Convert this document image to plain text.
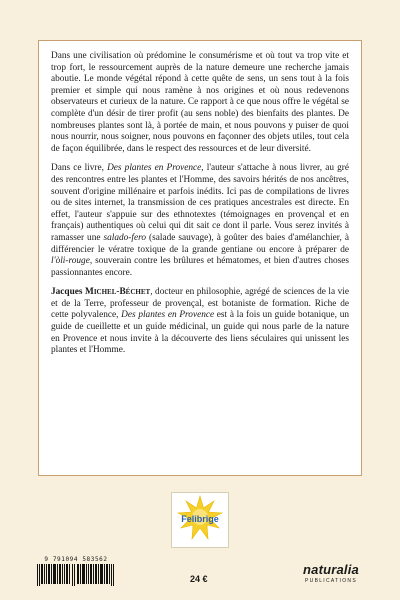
Dans une civilisation où prédomine le consumérisme et où tout va trop vite et trop fort, le ressourcement auprès de la nature demeure une recherche jamais aboutie. Le monde végétal répond à cette quête de sens, un sens tout à la fois premier et simple qui nous ramène à nos origines et où nous redevenons observateurs et curieux de la nature. Ce rapport à ce que nous offre le végétal se complète d'un désir de tirer profit (au sens noble) des bienfaits des plantes. De nombreuses plantes sont là, à portée de main, et nous pouvons y puiser de quoi nous nourrir, nous soigner, nous pouvons en façonner des objets utiles, tout cela de façon équilibrée, dans le respect des ressources et de leur diversité.

Dans ce livre, Des plantes en Provence, l'auteur s'attache à nous livrer, au gré des rencontres entre les plantes et l'Homme, des savoirs hérités de nos ancêtres, souvent d'origine millénaire et parfois inédits. Ici pas de compilations de livres ou de sites internet, la transmission de ces pratiques ancestrales est directe. En effet, l'auteur s'appuie sur des ethnotextes (témoignages en provençal et en français) authentiques où celui qui dit sait ce dont il parle. Vous serez invités à ramasser une salado-fero (salade sauvage), à goûter des baies d'amélanchier, à différencier le vératre toxique de la grande gentiane ou encore à préparer de l'òli-rouge, souverain contre les brûlures et hématomes, et bien d'autres choses passionnantes encore.

Jacques Michel-Béchet, docteur en philosophie, agrégé de sciences de la vie et de la Terre, professeur de provençal, est botaniste de formation. Riche de cette polyvalence, Des plantes en Provence est à la fois un guide botanique, un guide de cueillette et un guide médicinal, un guide qui nous parle de la nature en Provence et nous invite à la découverte des liens séculaires qui unissent les plantes et l'Homme.

Felibrige
9 791094 583562
24 €
naturalia
PUBLICATIONS
